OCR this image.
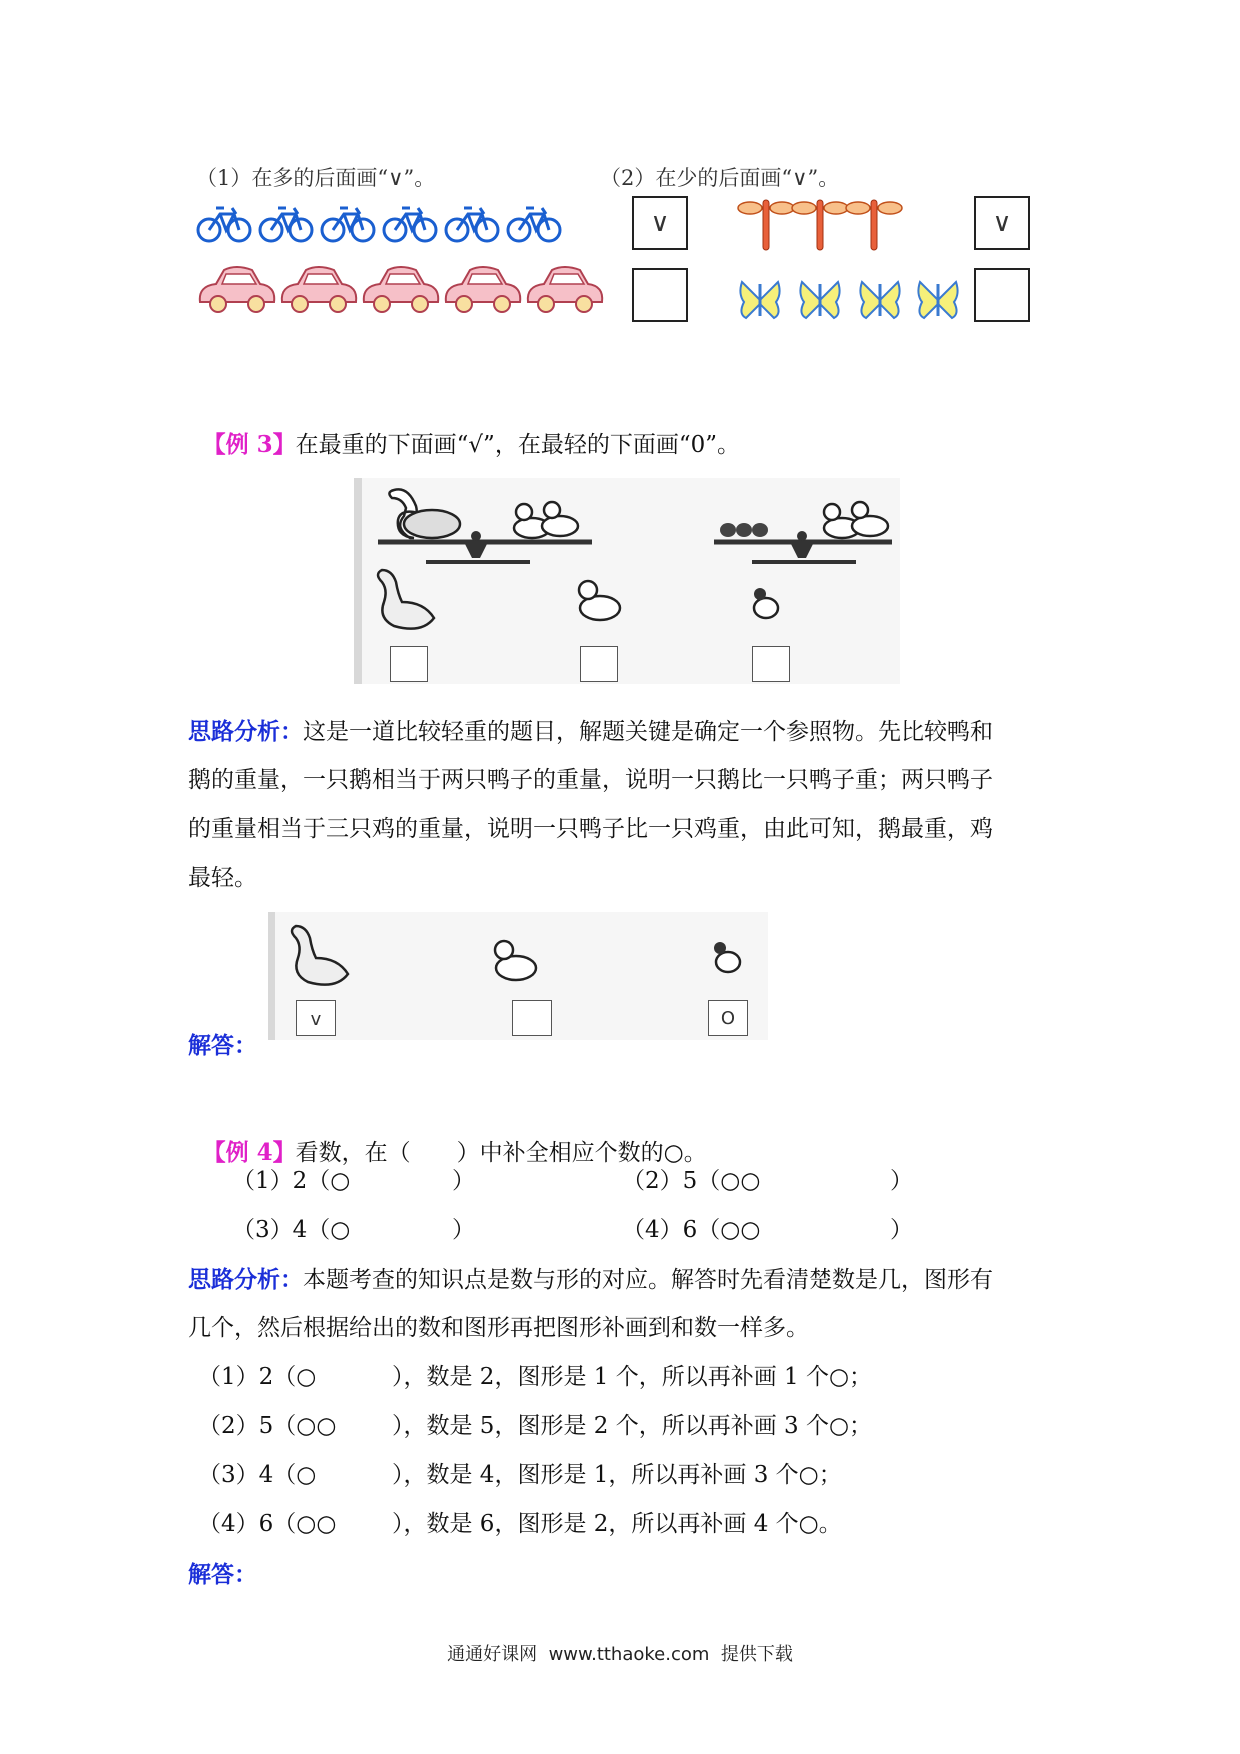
（1）在多的后面画“∨”。	（2）在少的后面画“∨”。
∨	∨

【例 3】在最重的下面画“√”，在最轻的下面画“0”。

思路分析：这是一道比较轻重的题目，解题关键是确定一个参照物。先比较鸭和
鹅的重量，一只鹅相当于两只鸭子的重量，说明一只鹅比一只鸭子重；两只鸭子
的重量相当于三只鸡的重量，说明一只鸭子比一只鸡重，由此可知，鹅最重，鸡
最轻。
v	O
解答：

【例 4】看数，在（　　）中补全相应个数的○。

（1）2（○	）	（2）5（○○	）
（3）4（○	）	（4）6（○○	）
思路分析：本题考查的知识点是数与形的对应。解答时先看清楚数是几，图形有
几个，然后根据给出的数和图形再把图形补画到和数一样多。
（1）2（○	），数是 2，图形是 1 个，所以再补画 1 个○；
（2）5（○○ ），数是 5，图形是 2 个，所以再补画 3 个○；
（3）4（○	），数是 4，图形是 1，所以再补画 3 个○；
（4）6（○○ ），数是 6，图形是 2，所以再补画 4 个○。
解答：
通通好课网  www.tthaoke.com  提供下载
